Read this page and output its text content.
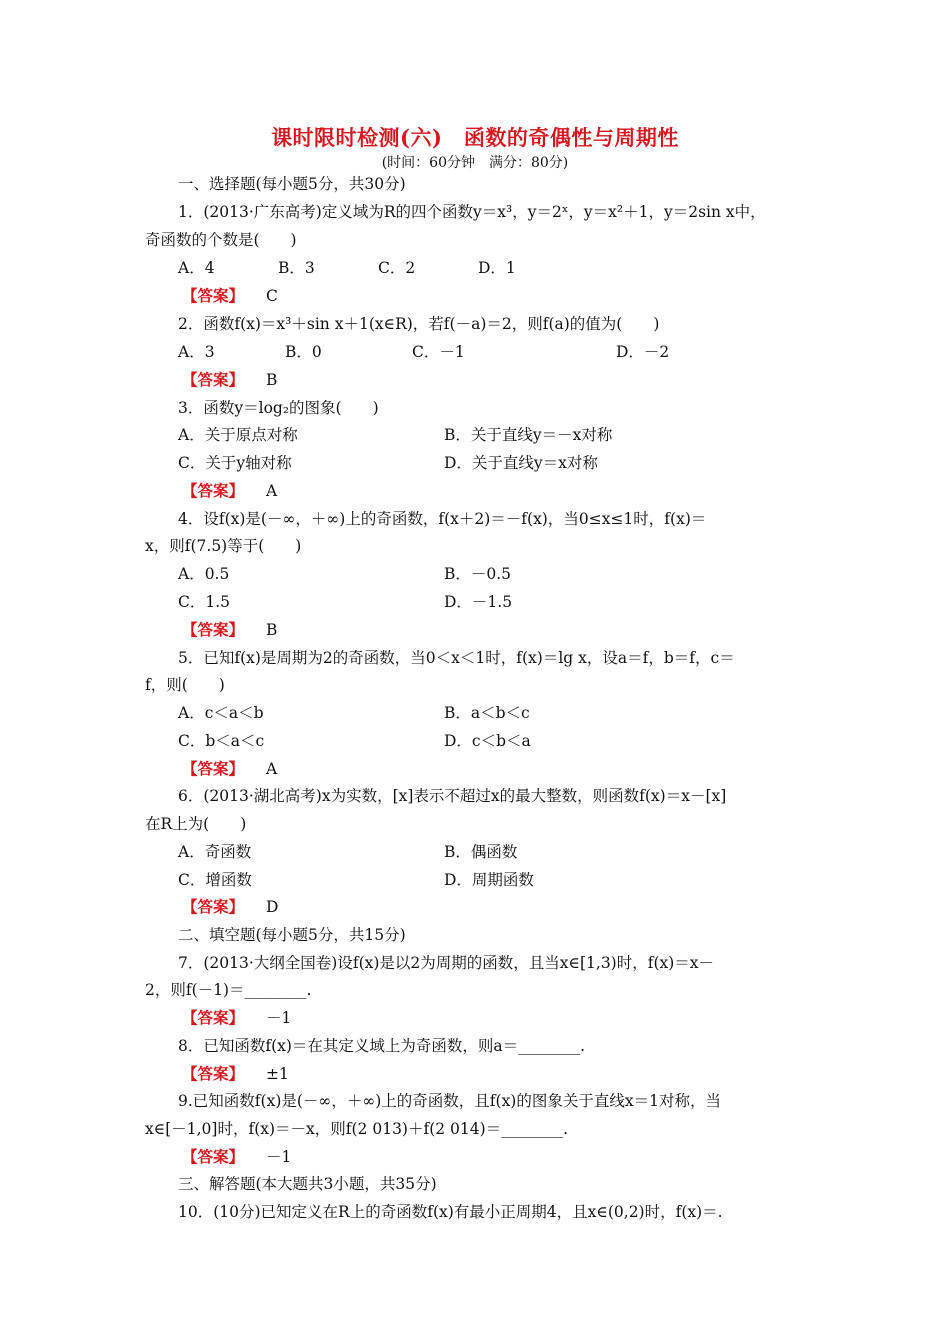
课时限时检测(六)　函数的奇偶性与周期性
(时间：60分钟　满分：80分)
一、选择题(每小题5分，共30分)
1．(2013·广东高考)定义域为R的四个函数y＝x³，y＝2ˣ，y＝x²＋1，y＝2sin x中，
奇函数的个数是(　　)
A．4	B．3	C．2	D．1
【答案】 C
2．函数f(x)＝x³＋sin x＋1(x∈R)，若f(－a)＝2，则f(a)的值为(　　)
A．3	B．0	C．－1	D．－2
【答案】 B
3．函数y＝log₂的图象(　　)
A．关于原点对称	B．关于直线y＝－x对称
C．关于y轴对称	D．关于直线y＝x对称
【答案】 A
4．设f(x)是(－∞，＋∞)上的奇函数，f(x＋2)＝－f(x)，当0≤x≤1时，f(x)＝
x，则f(7.5)等于(　　)
A．0.5	B．－0.5
C．1.5	D．－1.5
【答案】 B
5．已知f(x)是周期为2的奇函数，当0＜x＜1时，f(x)＝lg x，设a＝f，b＝f，c＝
f，则(　　)
A．c＜a＜b	B．a＜b＜c
C．b＜a＜c	D．c＜b＜a
【答案】 A
6．(2013·湖北高考)x为实数，[x]表示不超过x的最大整数，则函数f(x)＝x－[x]
在R上为(　　)
A．奇函数	B．偶函数
C．增函数	D．周期函数
【答案】 D
二、填空题(每小题5分，共15分)
7．(2013·大纲全国卷)设f(x)是以2为周期的函数，且当x∈[1,3)时，f(x)＝x－
2，则f(－1)＝________.
【答案】 －1
8．已知函数f(x)＝在其定义域上为奇函数，则a＝________.
【答案】 ±1
9.已知函数f(x)是(－∞，＋∞)上的奇函数，且f(x)的图象关于直线x＝1对称，当
x∈[－1,0]时，f(x)＝－x，则f(2 013)＋f(2 014)＝________.
【答案】 －1
三、解答题(本大题共3小题，共35分)
10．(10分)已知定义在R上的奇函数f(x)有最小正周期4，且x∈(0,2)时，f(x)＝.
